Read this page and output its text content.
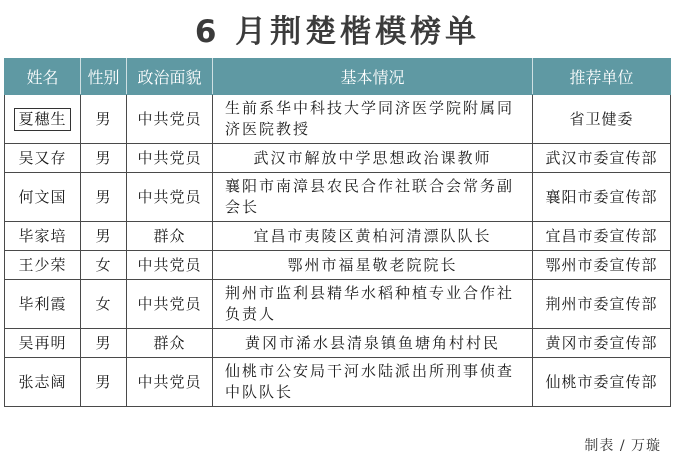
6 月荆楚楷模榜单
姓名	性别	政治面貌	基本情况	推荐单位
夏穗生	男	中共党员	生前系华中科技大学同济医学院附属同济医院教授	省卫健委
吴又存	男	中共党员	武汉市解放中学思想政治课教师	武汉市委宣传部
何文国	男	中共党员	襄阳市南漳县农民合作社联合会常务副会长	襄阳市委宣传部
毕家培	男	群众	宜昌市夷陵区黄柏河清漂队队长	宜昌市委宣传部
王少荣	女	中共党员	鄂州市福星敬老院院长	鄂州市委宣传部
毕利霞	女	中共党员	荆州市监利县精华水稻种植专业合作社负责人	荆州市委宣传部
吴再明	男	群众	黄冈市浠水县清泉镇鱼塘角村村民	黄冈市委宣传部
张志阔	男	中共党员	仙桃市公安局干河水陆派出所刑事侦查中队队长	仙桃市委宣传部
制表 / 万璇
